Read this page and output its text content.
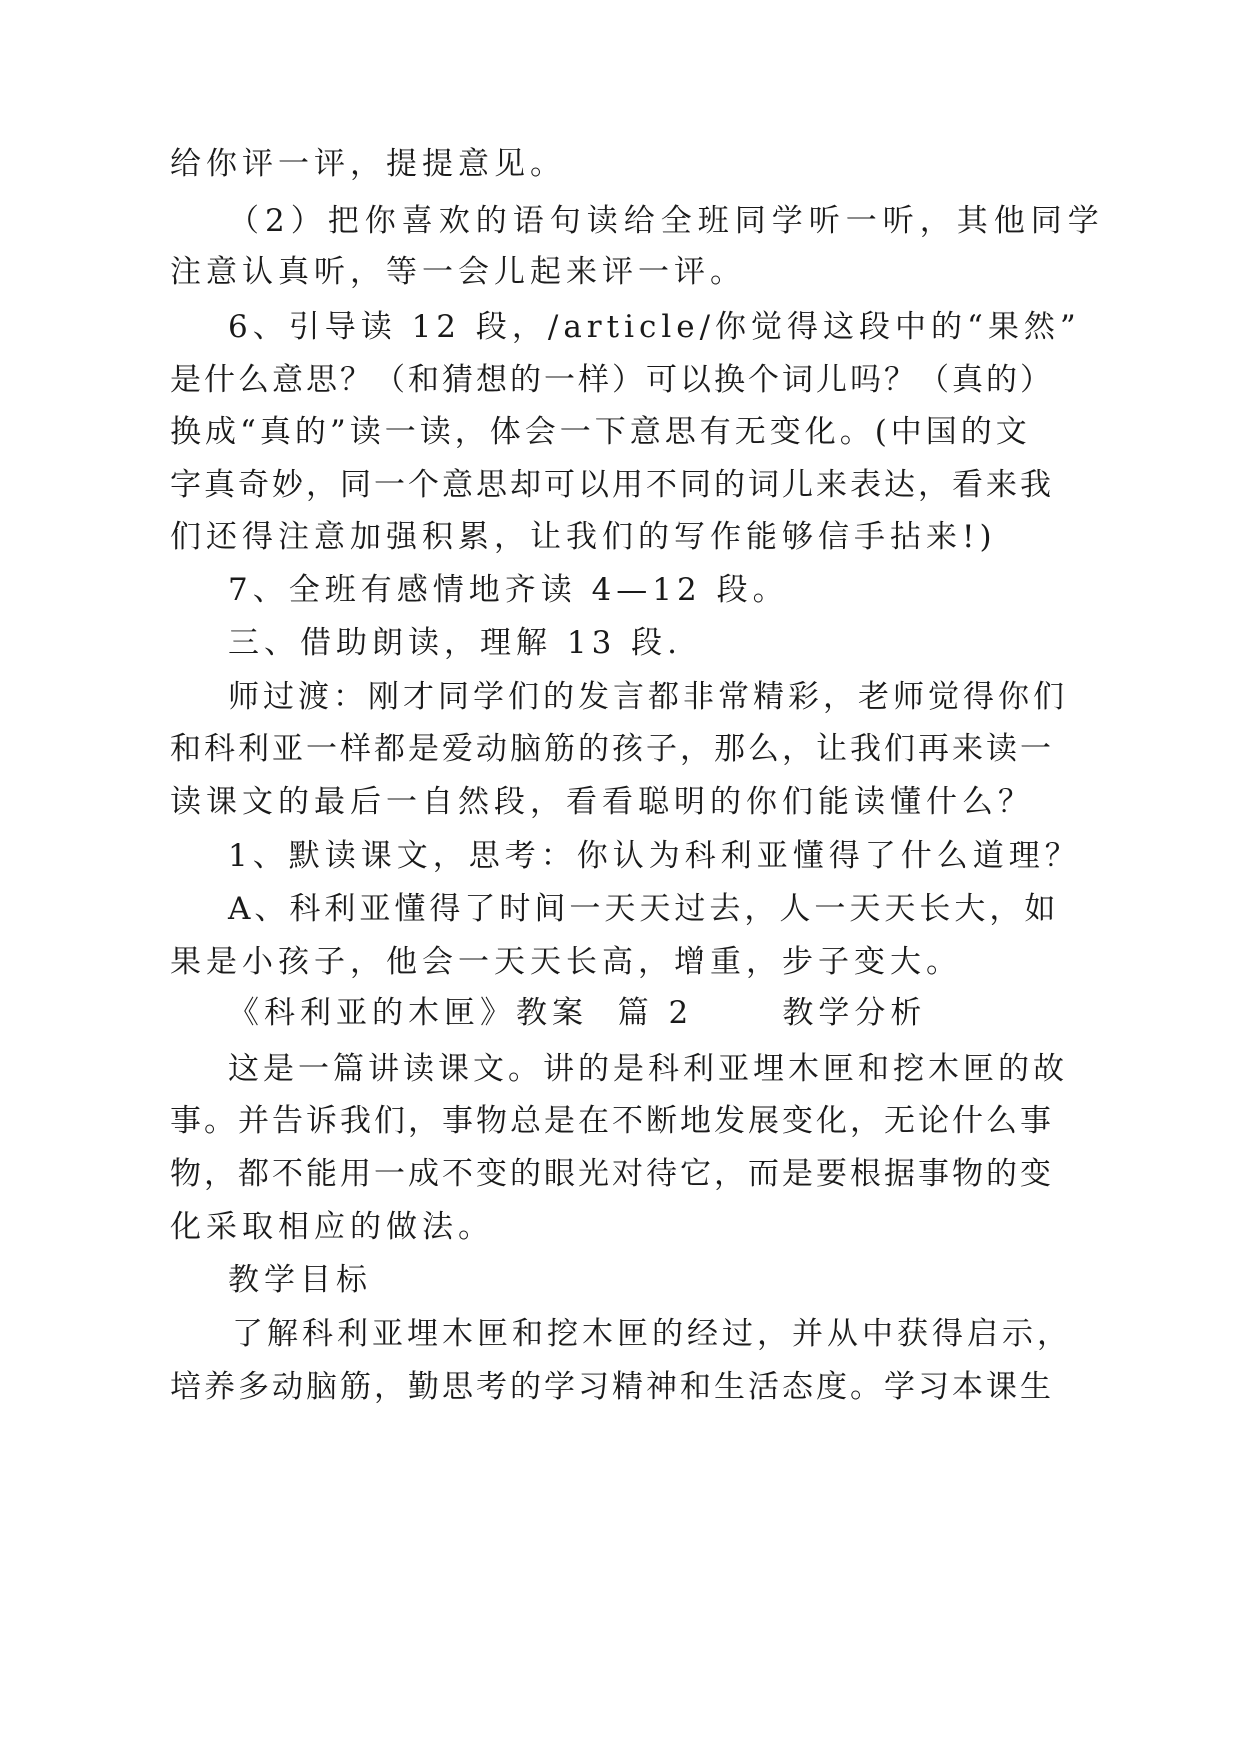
给你评一评，提提意见。
（2）把你喜欢的语句读给全班同学听一听，其他同学
注意认真听，等一会儿起来评一评。
6、引导读 12 段，/article/你觉得这段中的“果然”
是什么意思？（和猜想的一样）可以换个词儿吗？（真的）
换成“真的”读一读，体会一下意思有无变化。(中国的文
字真奇妙，同一个意思却可以用不同的词儿来表达，看来我
们还得注意加强积累，让我们的写作能够信手拈来!)
7、全班有感情地齐读 4—12 段。
三、借助朗读，理解 13 段.
师过渡：刚才同学们的发言都非常精彩，老师觉得你们
和科利亚一样都是爱动脑筋的孩子，那么，让我们再来读一
读课文的最后一自然段，看看聪明的你们能读懂什么？
1、默读课文，思考：你认为科利亚懂得了什么道理？
A、科利亚懂得了时间一天天过去，人一天天长大，如
果是小孩子，他会一天天长高，增重，步子变大。
《科利亚的木匣》教案  篇 2      教学分析
这是一篇讲读课文。讲的是科利亚埋木匣和挖木匣的故
事。并告诉我们，事物总是在不断地发展变化，无论什么事
物，都不能用一成不变的眼光对待它，而是要根据事物的变
化采取相应的做法。
教学目标
了解科利亚埋木匣和挖木匣的经过，并从中获得启示，
培养多动脑筋，勤思考的学习精神和生活态度。学习本课生
